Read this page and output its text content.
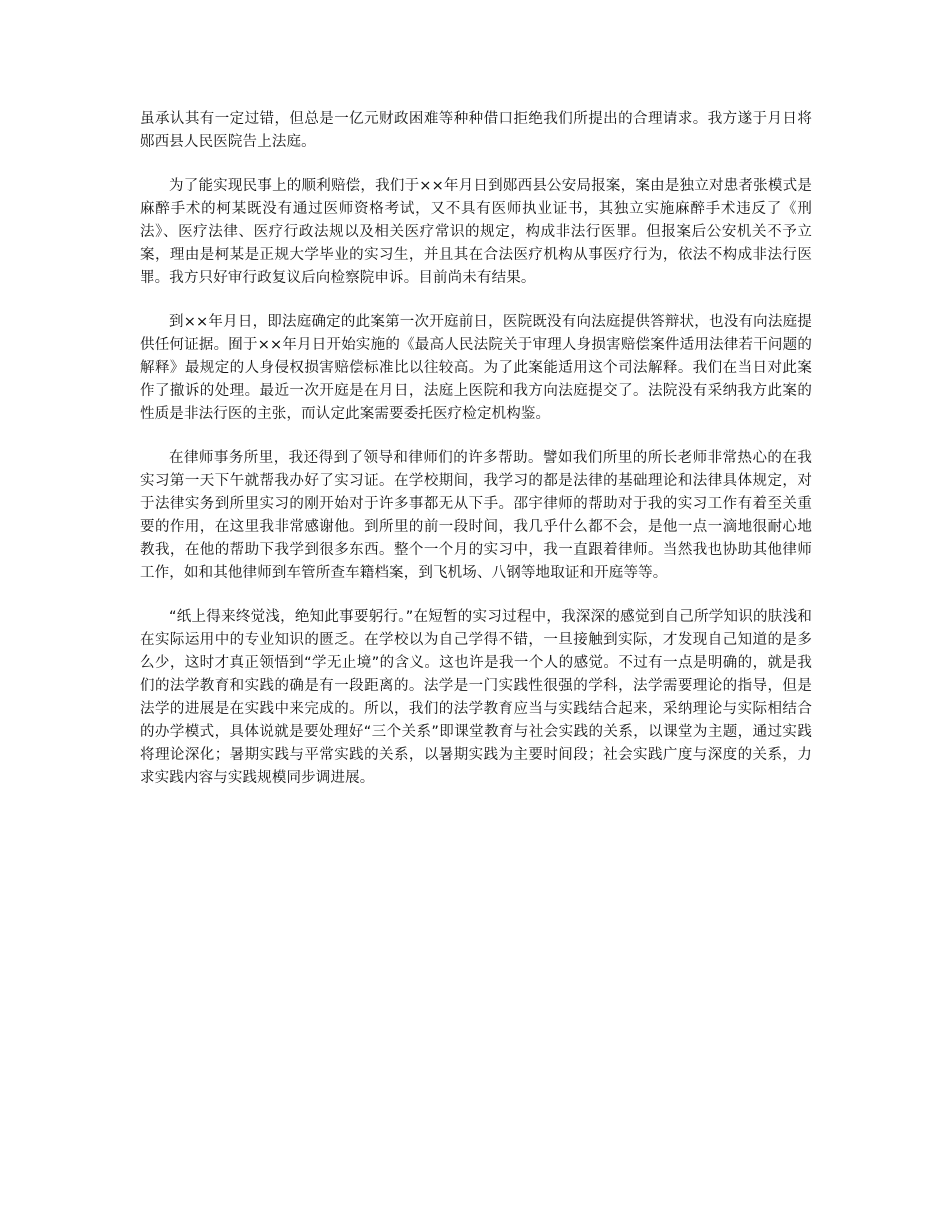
虽承认其有一定过错，但总是一亿元财政困难等种种借口拒绝我们所提出的合理请求。我方遂于月日将郧西县人民医院告上法庭。

为了能实现民事上的顺利赔偿，我们于××年月日到郧西县公安局报案，案由是独立对患者张模式是麻醉手术的柯某既没有通过医师资格考试，又不具有医师执业证书，其独立实施麻醉手术违反了《刑法》、医疗法律、医疗行政法规以及相关医疗常识的规定，构成非法行医罪。但报案后公安机关不予立案，理由是柯某是正规大学毕业的实习生，并且其在合法医疗机构从事医疗行为，依法不构成非法行医罪。我方只好审行政复议后向检察院申诉。目前尚未有结果。

到××年月日，即法庭确定的此案第一次开庭前日，医院既没有向法庭提供答辩状，也没有向法庭提供任何证据。囿于××年月日开始实施的《最高人民法院关于审理人身损害赔偿案件适用法律若干问题的解释》最规定的人身侵权损害赔偿标准比以往较高。为了此案能适用这个司法解释。我们在当日对此案作了撤诉的处理。最近一次开庭是在月日，法庭上医院和我方向法庭提交了。法院没有采纳我方此案的性质是非法行医的主张，而认定此案需要委托医疗检定机构鉴。

在律师事务所里，我还得到了领导和律师们的许多帮助。譬如我们所里的所长老师非常热心的在我实习第一天下午就帮我办好了实习证。在学校期间，我学习的都是法律的基础理论和法律具体规定，对于法律实务到所里实习的刚开始对于许多事都无从下手。邵宇律师的帮助对于我的实习工作有着至关重要的作用，在这里我非常感谢他。到所里的前一段时间，我几乎什么都不会，是他一点一滴地很耐心地教我，在他的帮助下我学到很多东西。整个一个月的实习中，我一直跟着律师。当然我也协助其他律师工作，如和其他律师到车管所查车籍档案，到飞机场、八钢等地取证和开庭等等。

“纸上得来终觉浅，绝知此事要躬行。”在短暂的实习过程中，我深深的感觉到自己所学知识的肤浅和在实际运用中的专业知识的匮乏。在学校以为自己学得不错，一旦接触到实际，才发现自己知道的是多么少，这时才真正领悟到“学无止境”的含义。这也许是我一个人的感觉。不过有一点是明确的，就是我们的法学教育和实践的确是有一段距离的。法学是一门实践性很强的学科，法学需要理论的指导，但是法学的进展是在实践中来完成的。所以，我们的法学教育应当与实践结合起来，采纳理论与实际相结合的办学模式，具体说就是要处理好“三个关系”即课堂教育与社会实践的关系，以课堂为主题，通过实践将理论深化；暑期实践与平常实践的关系，以暑期实践为主要时间段；社会实践广度与深度的关系，力求实践内容与实践规模同步调进展。
